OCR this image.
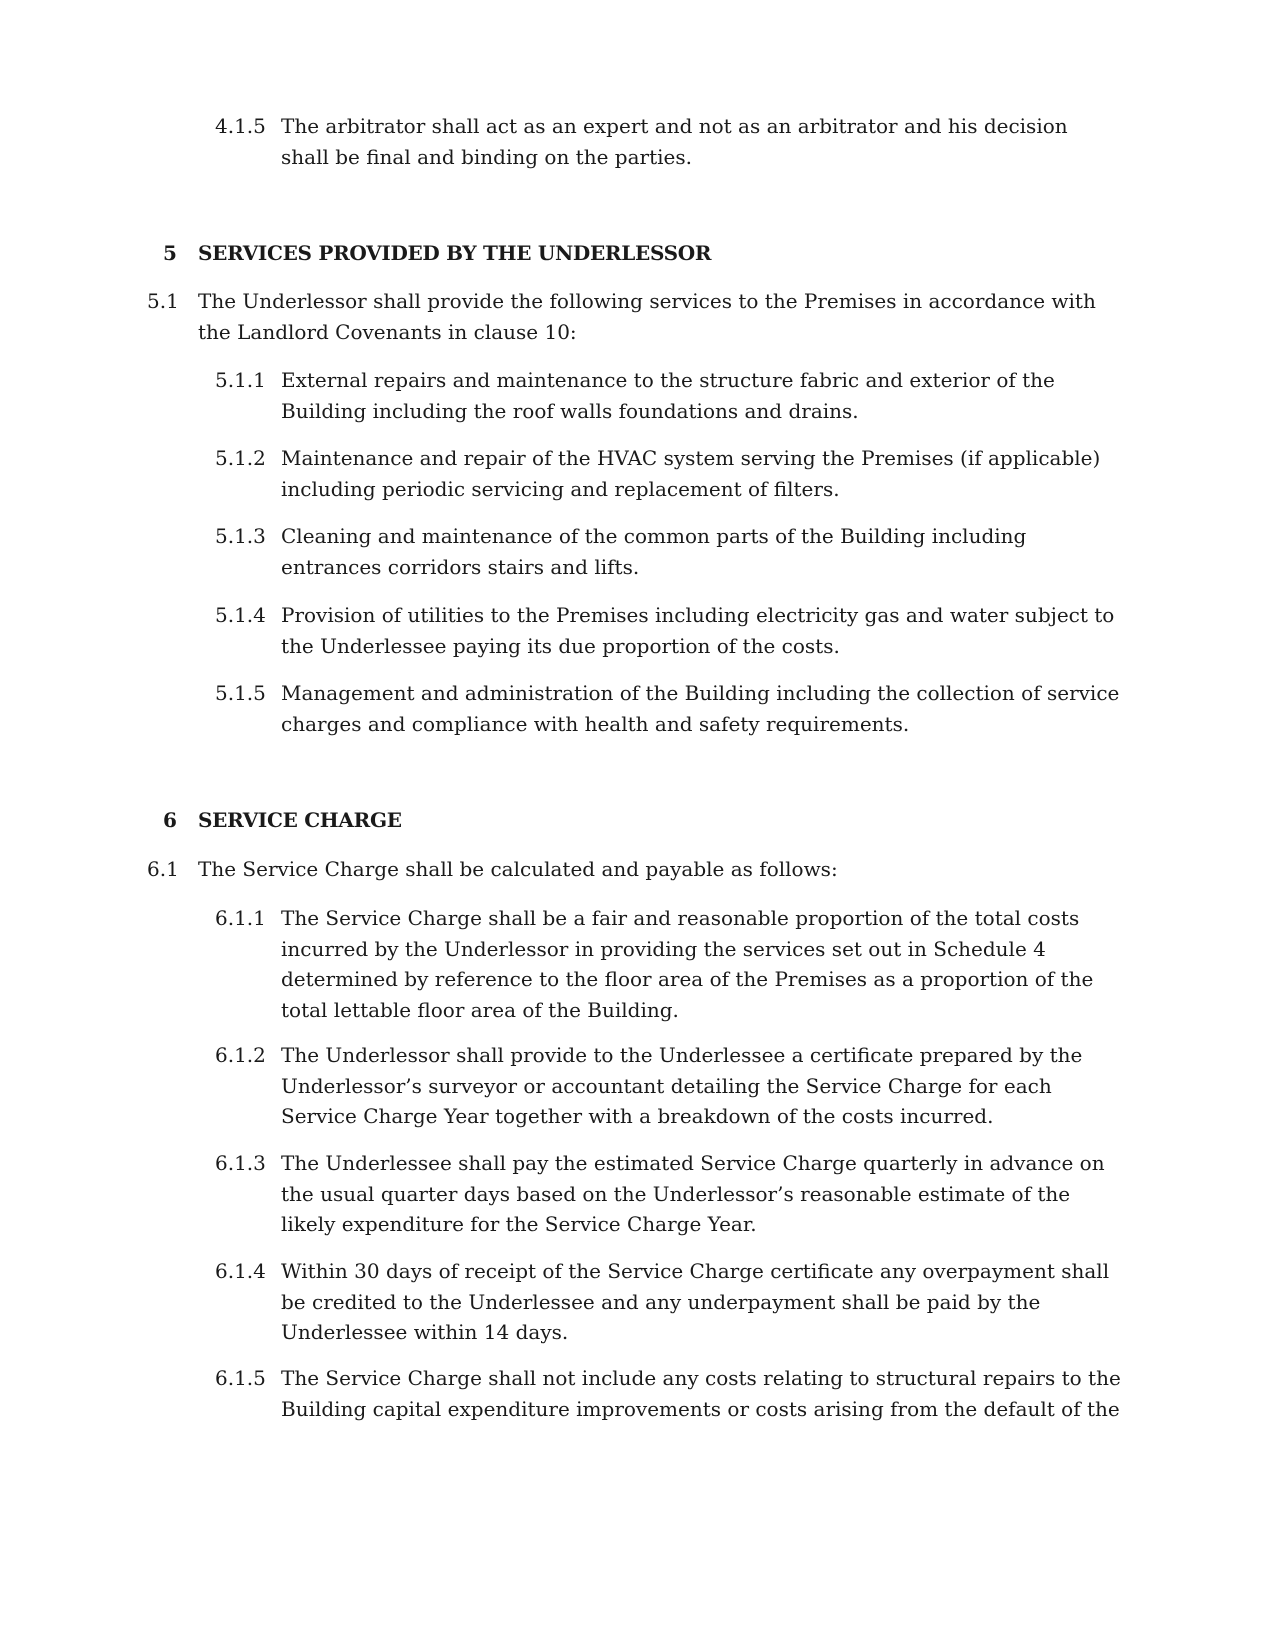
4.1.5 The arbitrator shall act as an expert and not as an arbitrator and his decision shall be final and binding on the parties.
5 SERVICES PROVIDED BY THE UNDERLESSOR
5.1 The Underlessor shall provide the following services to the Premises in accordance with the Landlord Covenants in clause 10:
5.1.1 External repairs and maintenance to the structure fabric and exterior of the Building including the roof walls foundations and drains.
5.1.2 Maintenance and repair of the HVAC system serving the Premises (if applicable) including periodic servicing and replacement of filters.
5.1.3 Cleaning and maintenance of the common parts of the Building including entrances corridors stairs and lifts.
5.1.4 Provision of utilities to the Premises including electricity gas and water subject to the Underlessee paying its due proportion of the costs.
5.1.5 Management and administration of the Building including the collection of service charges and compliance with health and safety requirements.
6 SERVICE CHARGE
6.1 The Service Charge shall be calculated and payable as follows:
6.1.1 The Service Charge shall be a fair and reasonable proportion of the total costs incurred by the Underlessor in providing the services set out in Schedule 4 determined by reference to the floor area of the Premises as a proportion of the total lettable floor area of the Building.
6.1.2 The Underlessor shall provide to the Underlessee a certificate prepared by the Underlessor’s surveyor or accountant detailing the Service Charge for each Service Charge Year together with a breakdown of the costs incurred.
6.1.3 The Underlessee shall pay the estimated Service Charge quarterly in advance on the usual quarter days based on the Underlessor’s reasonable estimate of the likely expenditure for the Service Charge Year.
6.1.4 Within 30 days of receipt of the Service Charge certificate any overpayment shall be credited to the Underlessee and any underpayment shall be paid by the Underlessee within 14 days.
6.1.5 The Service Charge shall not include any costs relating to structural repairs to the Building capital expenditure improvements or costs arising from the default of the
